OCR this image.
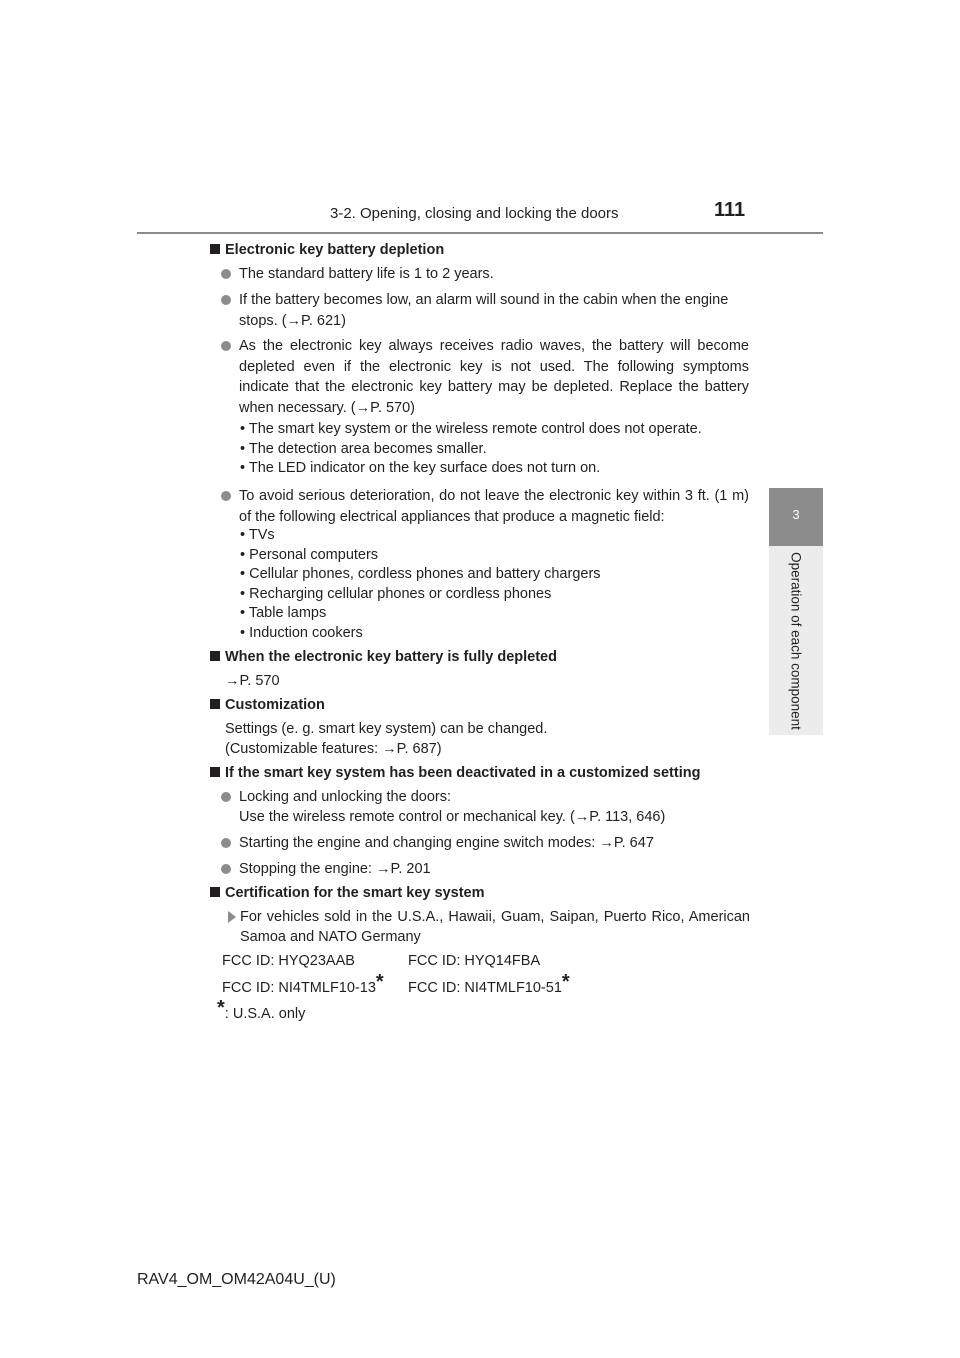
3-2. Opening, closing and locking the doors	111
3
Operation of each component
Electronic key battery depletion
The standard battery life is 1 to 2 years.
If the battery becomes low, an alarm will sound in the cabin when the engine
stops. (→P. 621)
As the electronic key always receives radio waves, the battery will become depleted even if the electronic key is not used. The following symptoms indicate that the electronic key battery may be depleted. Replace the battery when necessary. (→P. 570)
• The smart key system or the wireless remote control does not operate.
• The detection area becomes smaller.
• The LED indicator on the key surface does not turn on.
To avoid serious deterioration, do not leave the electronic key within 3 ft. (1 m) of the following electrical appliances that produce a magnetic field:
• TVs
• Personal computers
• Cellular phones, cordless phones and battery chargers
• Recharging cellular phones or cordless phones
• Table lamps
• Induction cookers
When the electronic key battery is fully depleted
→P. 570
Customization
Settings (e. g. smart key system) can be changed.
(Customizable features: →P. 687)
If the smart key system has been deactivated in a customized setting
Locking and unlocking the doors:
Use the wireless remote control or mechanical key. (→P. 113, 646)
Starting the engine and changing engine switch modes: →P. 647
Stopping the engine: →P. 201
Certification for the smart key system
For vehicles sold in the U.S.A., Hawaii, Guam, Saipan, Puerto Rico, American Samoa and NATO Germany
FCC ID: HYQ23AAB	FCC ID: HYQ14FBA
FCC ID: NI4TMLF10-13* FCC ID: NI4TMLF10-51*
*: U.S.A. only
RAV4_OM_OM42A04U_(U)
